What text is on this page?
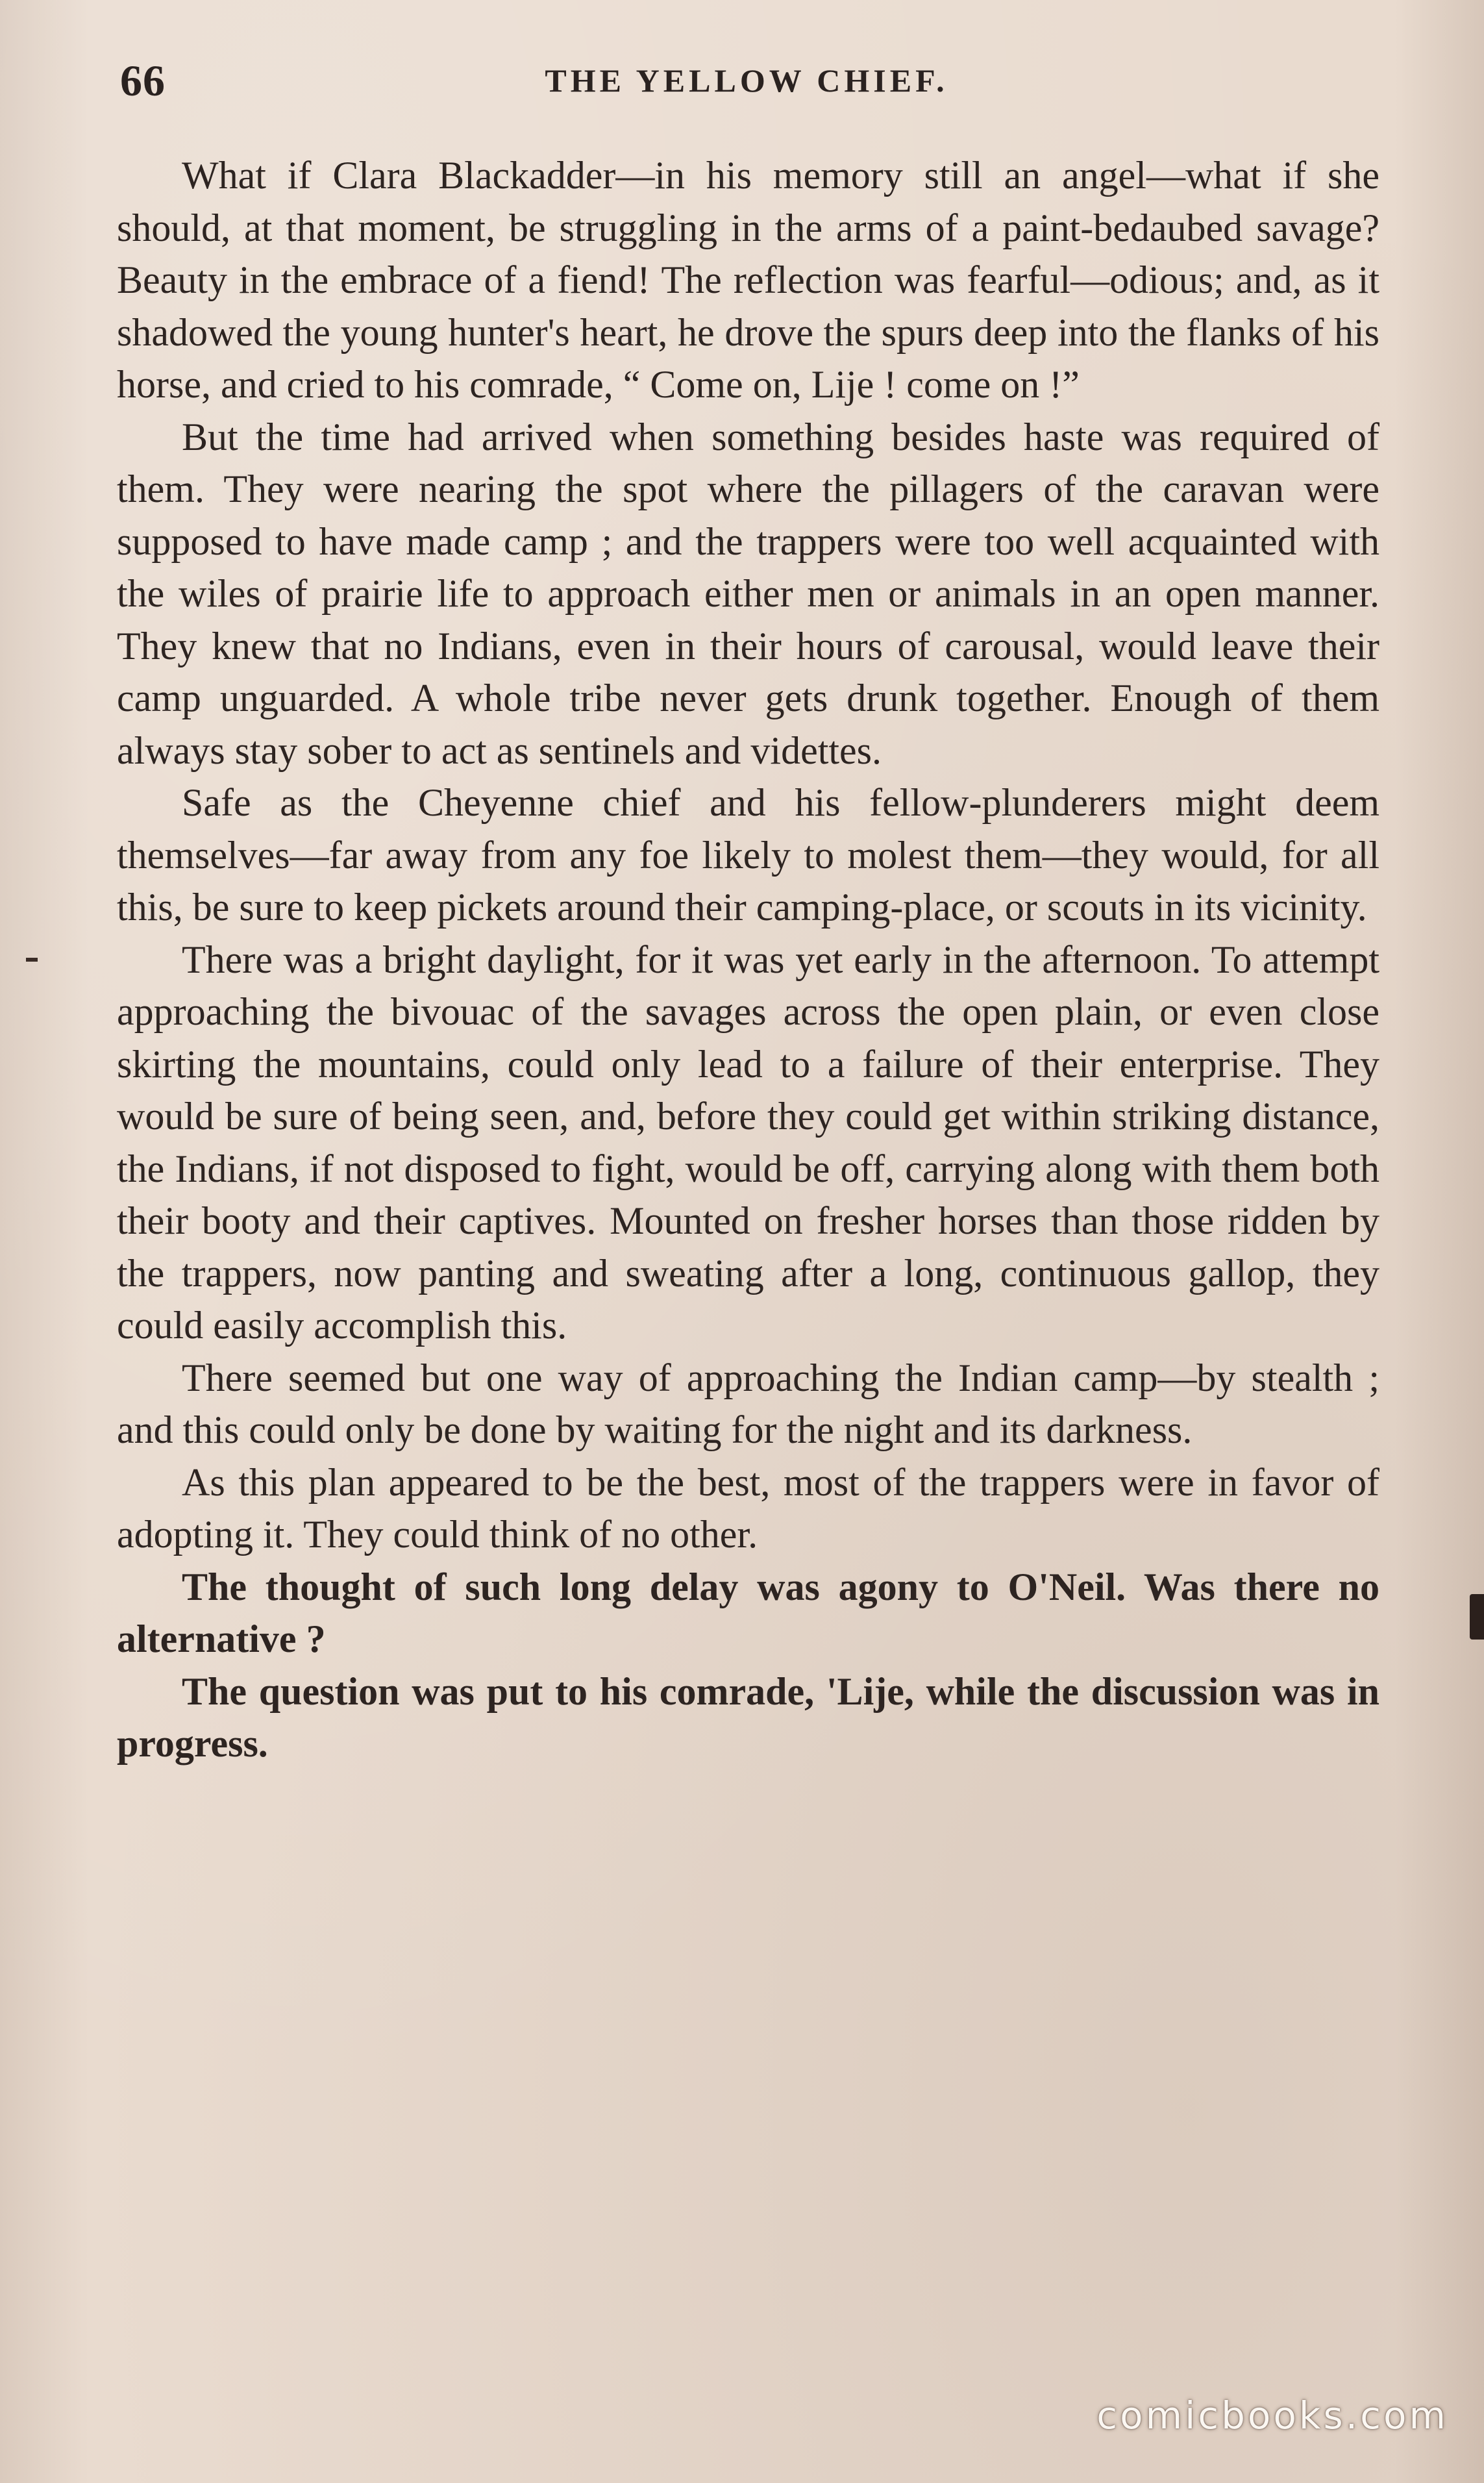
66	THE YELLOW CHIEF.

What if Clara Blackadder—in his memory still an angel—what if she should, at that moment, be struggling in the arms of a paint-bedaubed savage? Beauty in the embrace of a fiend! The reflection was fearful—odious; and, as it shadowed the young hunter's heart, he drove the spurs deep into the flanks of his horse, and cried to his comrade, “ Come on, Lije ! come on !”

But the time had arrived when something besides haste was required of them. They were nearing the spot where the pillagers of the caravan were supposed to have made camp ; and the trappers were too well acquainted with the wiles of prairie life to approach either men or animals in an open manner. They knew that no Indians, even in their hours of carousal, would leave their camp unguarded. A whole tribe never gets drunk together. Enough of them always stay sober to act as sentinels and videttes.

Safe as the Cheyenne chief and his fellow-plunderers might deem themselves—far away from any foe likely to molest them—they would, for all this, be sure to keep pickets around their camping-place, or scouts in its vicinity.

There was a bright daylight, for it was yet early in the afternoon. To attempt approaching the bivouac of the savages across the open plain, or even close skirting the mountains, could only lead to a failure of their enterprise. They would be sure of being seen, and, before they could get within striking distance, the Indians, if not disposed to fight, would be off, carrying along with them both their booty and their captives. Mounted on fresher horses than those ridden by the trappers, now panting and sweating after a long, continuous gallop, they could easily accomplish this.

There seemed but one way of approaching the Indian camp—by stealth ; and this could only be done by waiting for the night and its darkness.

As this plan appeared to be the best, most of the trappers were in favor of adopting it. They could think of no other.

The thought of such long delay was agony to O'Neil. Was there no alternative ?

The question was put to his comrade, 'Lije, while the discussion was in progress.

comicbooks.com
